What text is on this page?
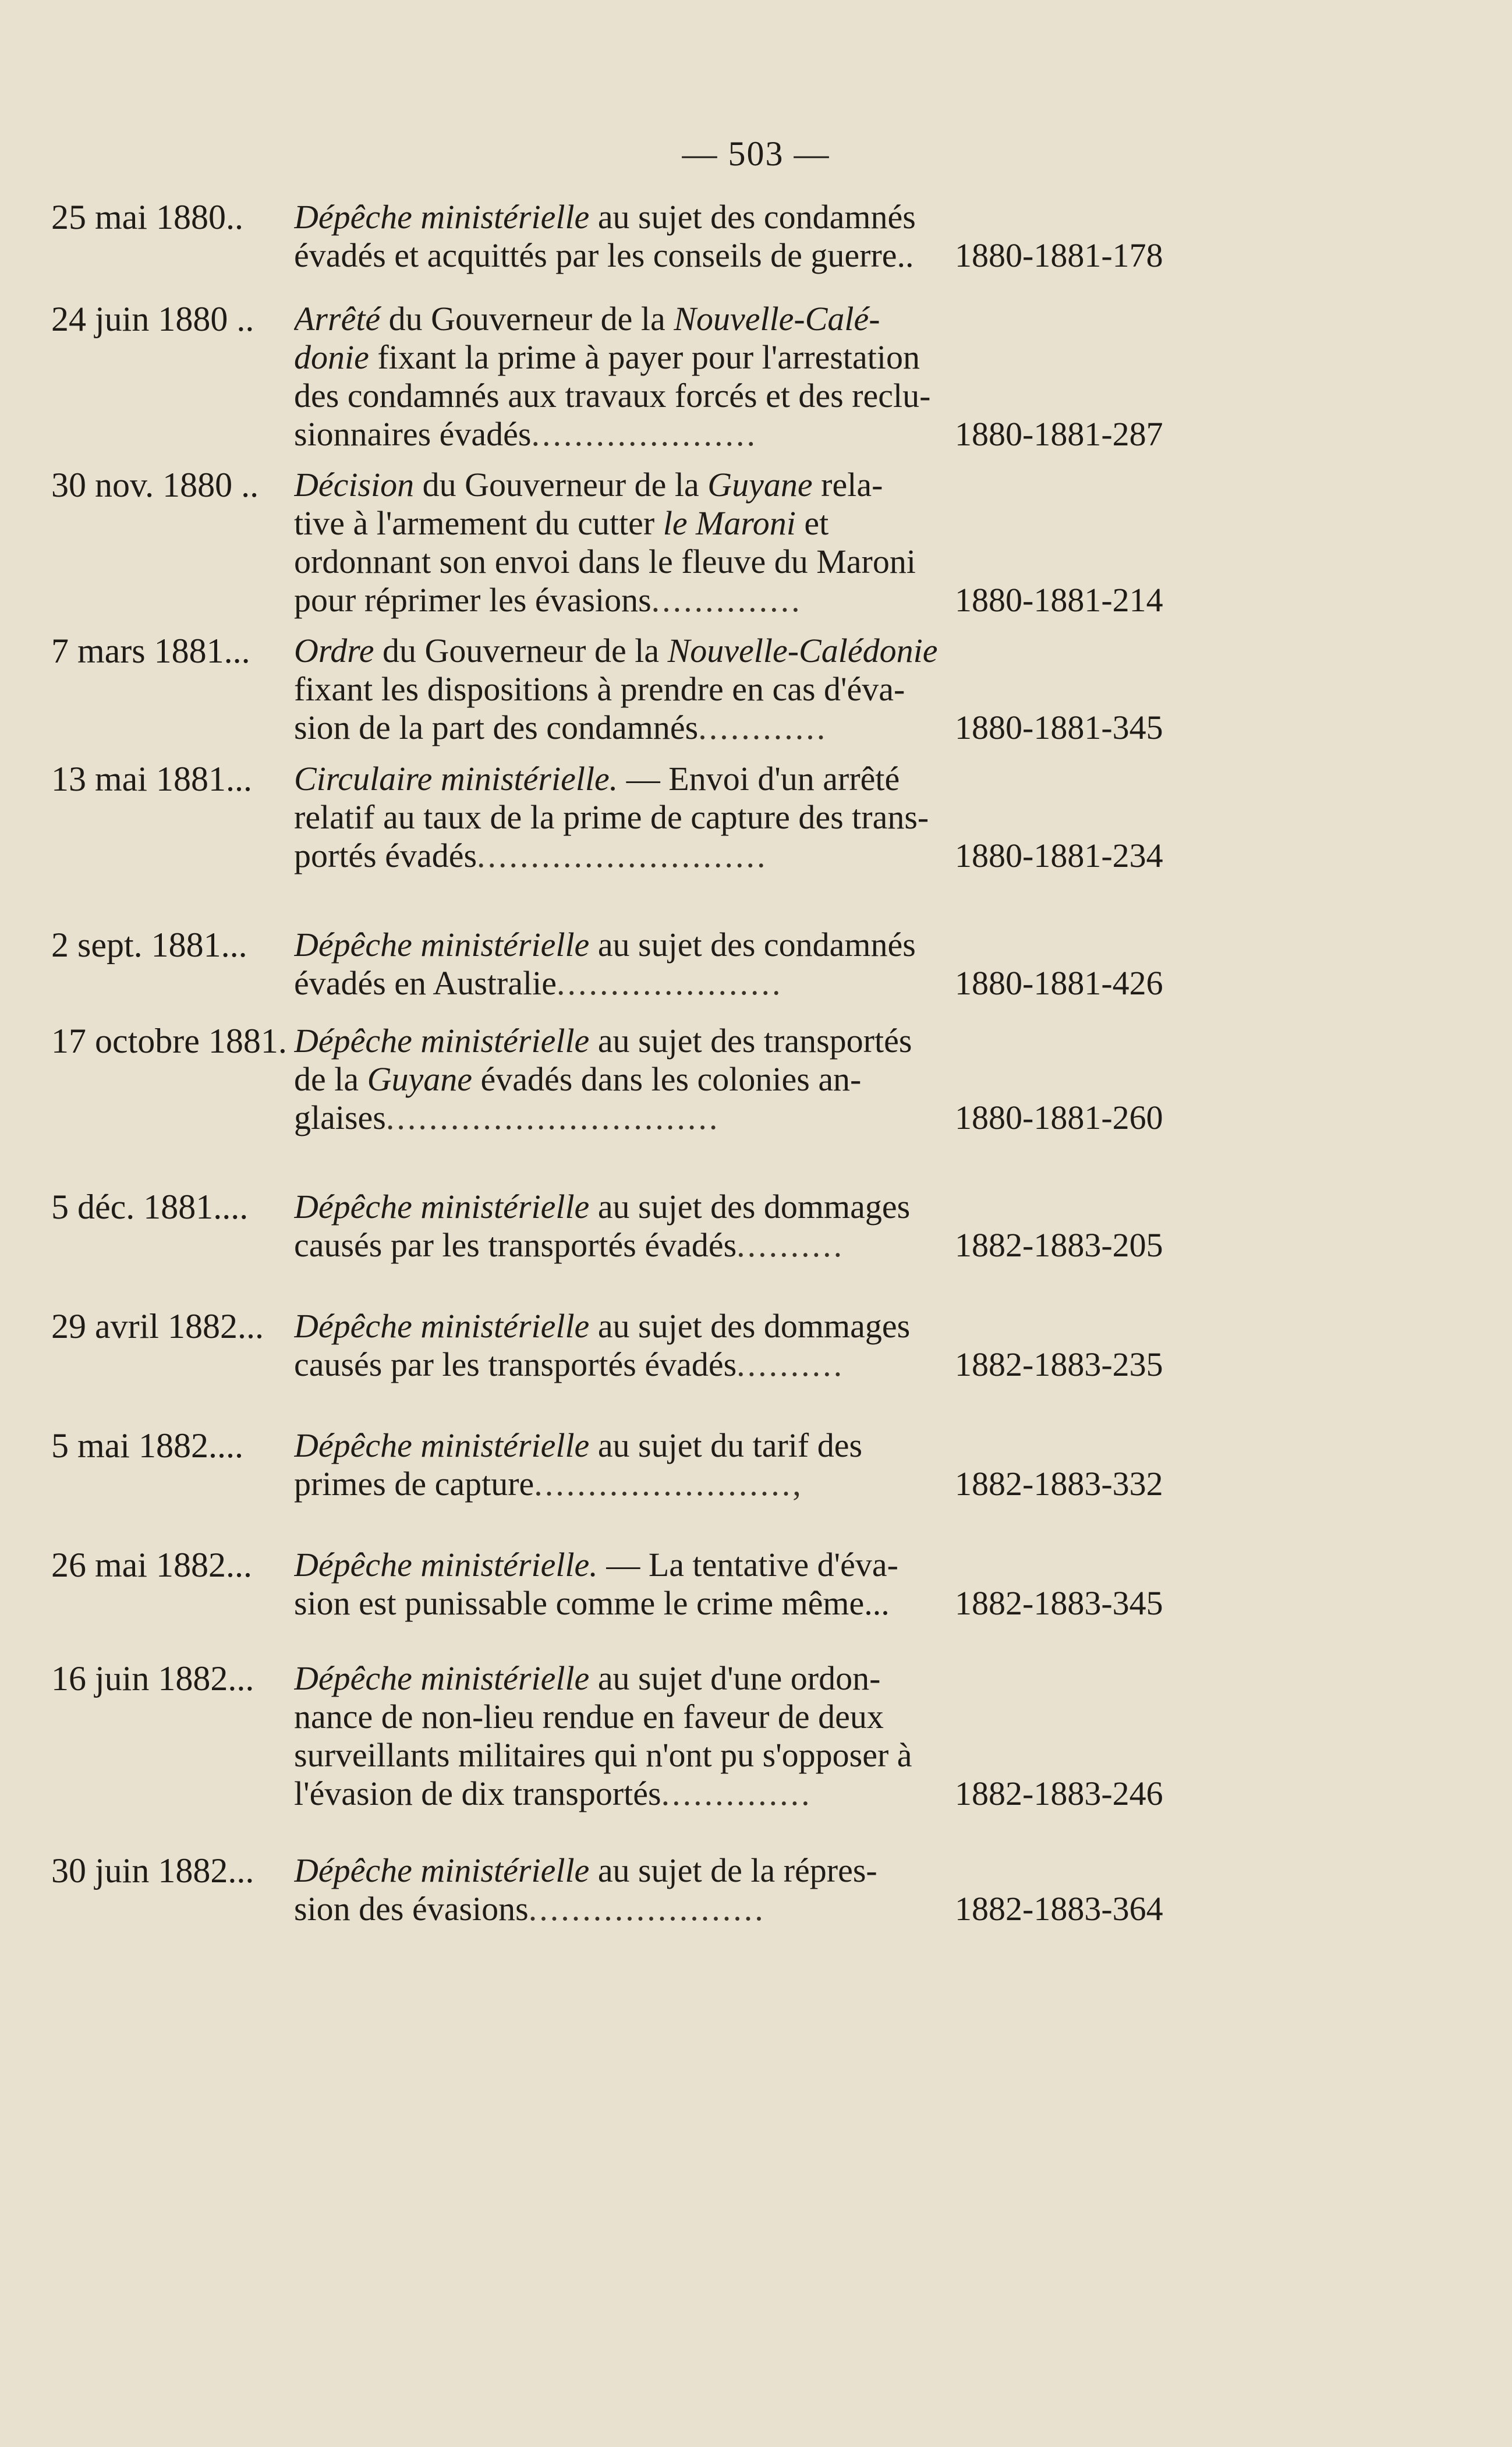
— 503 —
25 mai 1880.. Dépêche ministérielle au sujet des condamnés
évadés et acquittés par les conseils de guerre..	1880-1881-178
24 juin 1880 .. Arrêté du Gouverneur de la Nouvelle-Calé-
donie fixant la prime à payer pour l'arrestation
des condamnés aux travaux forcés et des reclu-
sionnaires évadés.....................	1880-1881-287
30 nov. 1880 .. Décision du Gouverneur de la Guyane rela-
tive à l'armement du cutter le Maroni et
ordonnant son envoi dans le fleuve du Maroni
pour réprimer les évasions..............	1880-1881-214
7 mars 1881... Ordre du Gouverneur de la Nouvelle-Calédonie
fixant les dispositions à prendre en cas d'éva-
sion de la part des condamnés............	1880-1881-345
13 mai 1881... Circulaire ministérielle. — Envoi d'un arrêté
relatif au taux de la prime de capture des trans-
portés évadés...........................	1880-1881-234
2 sept. 1881... Dépêche ministérielle au sujet des condamnés
évadés en Australie.....................	1880-1881-426
17 octobre 1881. Dépêche ministérielle au sujet des transportés
de la Guyane évadés dans les colonies an-
glaises...............................	1880-1881-260
5 déc. 1881.... Dépêche ministérielle au sujet des dommages
causés par les transportés évadés..........	1882-1883-205
29 avril 1882... Dépêche ministérielle au sujet des dommages
causés par les transportés évadés..........	1882-1883-235
5 mai 1882.... Dépêche ministérielle au sujet du tarif des
primes de capture........................,	1882-1883-332
26 mai 1882... Dépêche ministérielle. — La tentative d'éva-
sion est punissable comme le crime même...	1882-1883-345
16 juin 1882... Dépêche ministérielle au sujet d'une ordon-
nance de non-lieu rendue en faveur de deux
surveillants militaires qui n'ont pu s'opposer à
l'évasion de dix transportés..............	1882-1883-246
30 juin 1882... Dépêche ministérielle au sujet de la répres-
sion des évasions......................	1882-1883-364
